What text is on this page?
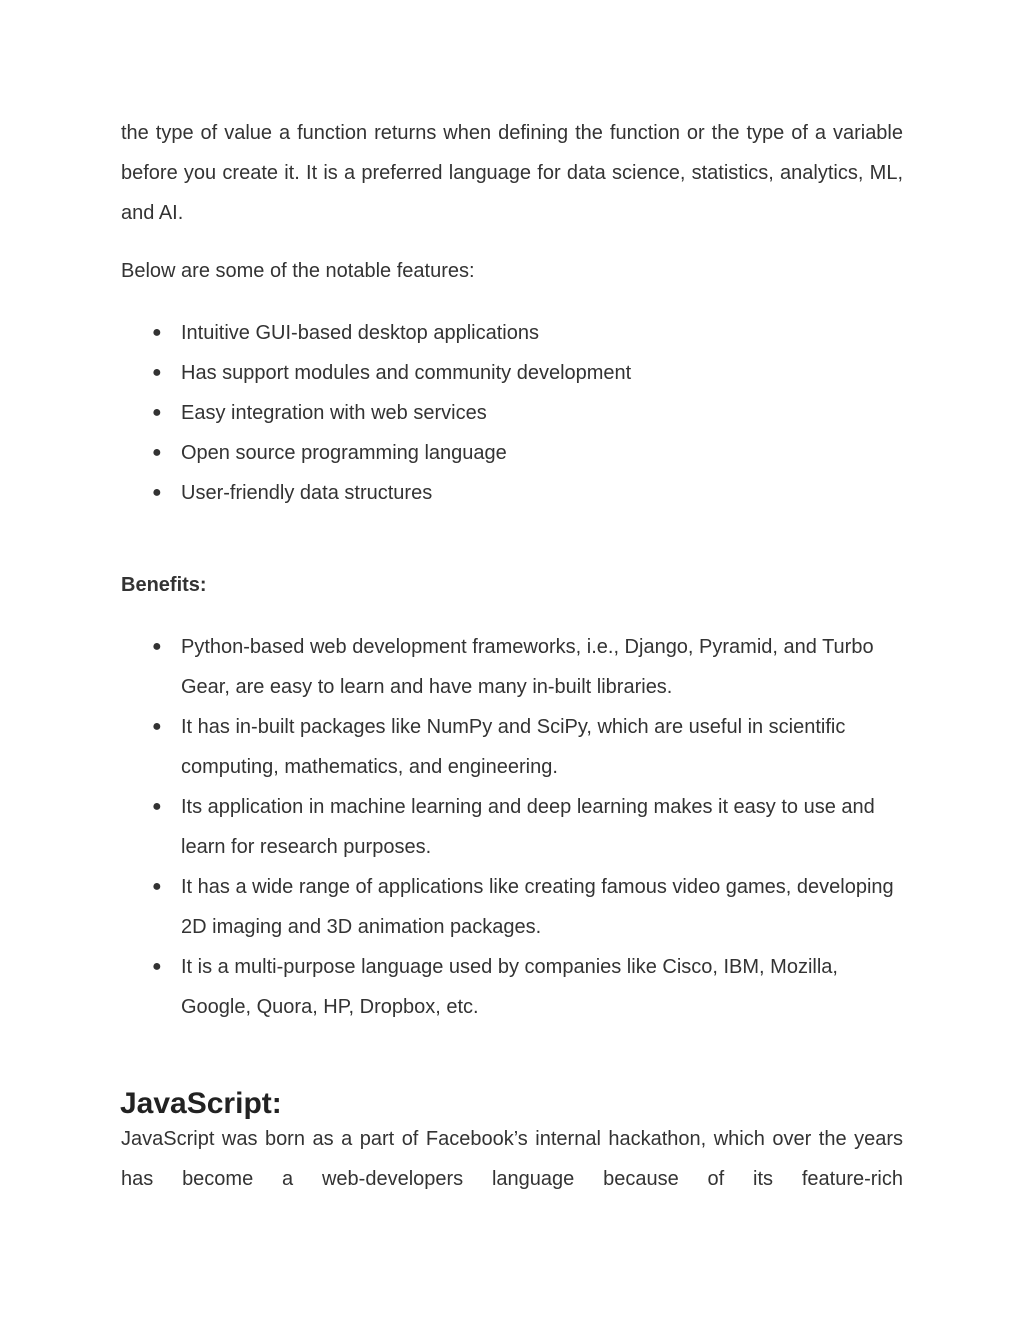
the type of value a function returns when defining the function or the type of a variable before you create it. It is a preferred language for data science, statistics, analytics, ML, and AI.

Below are some of the notable features:

● Intuitive GUI-based desktop applications
● Has support modules and community development
● Easy integration with web services
● Open source programming language
● User-friendly data structures

Benefits:

● Python-based web development frameworks, i.e., Django, Pyramid, and Turbo Gear, are easy to learn and have many in-built libraries.
● It has in-built packages like NumPy and SciPy, which are useful in scientific computing, mathematics, and engineering.
● Its application in machine learning and deep learning makes it easy to use and learn for research purposes.
● It has a wide range of applications like creating famous video games, developing 2D imaging and 3D animation packages.
● It is a multi-purpose language used by companies like Cisco, IBM, Mozilla, Google, Quora, HP, Dropbox, etc.
JavaScript:

JavaScript was born as a part of Facebook’s internal hackathon, which over the years has become a web-developers language because of its feature-rich
